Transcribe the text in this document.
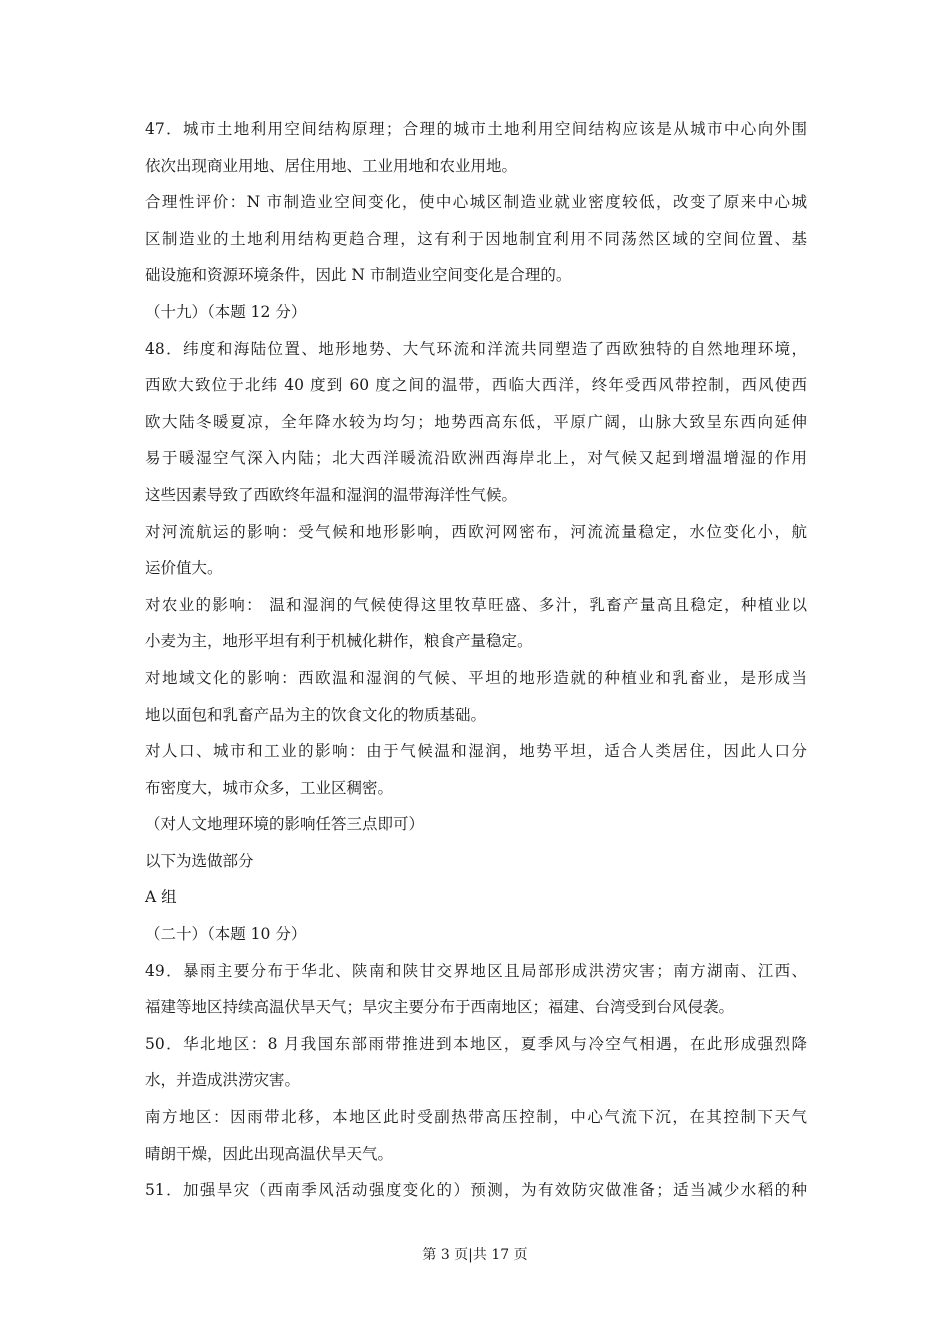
47．城市土地利用空间结构原理；合理的城市土地利用空间结构应该是从城市中心向外围
依次出现商业用地、居住用地、工业用地和农业用地。
合理性评价：N 市制造业空间变化，使中心城区制造业就业密度较低，改变了原来中心城
区制造业的土地利用结构更趋合理，这有利于因地制宜利用不同荡然区域的空间位置、基
础设施和资源环境条件，因此 N 市制造业空间变化是合理的。
（十九）（本题 12 分）
48．纬度和海陆位置、地形地势、大气环流和洋流共同塑造了西欧独特的自然地理环境，
西欧大致位于北纬 40 度到 60 度之间的温带，西临大西洋，终年受西风带控制，西风使西
欧大陆冬暖夏凉，全年降水较为均匀；地势西高东低，平原广阔，山脉大致呈东西向延伸
易于暖湿空气深入内陆；北大西洋暖流沿欧洲西海岸北上，对气候又起到增温增湿的作用
这些因素导致了西欧终年温和湿润的温带海洋性气候。
对河流航运的影响：受气候和地形影响，西欧河网密布，河流流量稳定，水位变化小，航
运价值大。
对农业的影响： 温和湿润的气候使得这里牧草旺盛、多汁，乳畜产量高且稳定，种植业以
小麦为主，地形平坦有利于机械化耕作，粮食产量稳定。
对地域文化的影响：西欧温和湿润的气候、平坦的地形造就的种植业和乳畜业，是形成当
地以面包和乳畜产品为主的饮食文化的物质基础。
对人口、城市和工业的影响：由于气候温和湿润，地势平坦，适合人类居住，因此人口分
布密度大，城市众多，工业区稠密。
（对人文地理环境的影响任答三点即可）
以下为选做部分
A 组
（二十）（本题 10 分）
49．暴雨主要分布于华北、陕南和陕甘交界地区且局部形成洪涝灾害；南方湖南、江西、
福建等地区持续高温伏旱天气；旱灾主要分布于西南地区；福建、台湾受到台风侵袭。
50．华北地区：8 月我国东部雨带推进到本地区，夏季风与冷空气相遇，在此形成强烈降
水，并造成洪涝灾害。
南方地区：因雨带北移，本地区此时受副热带高压控制，中心气流下沉，在其控制下天气
晴朗干燥，因此出现高温伏旱天气。
51．加强旱灾（西南季风活动强度变化的）预测，为有效防灾做准备；适当减少水稻的种
第 3 页|共 17 页
